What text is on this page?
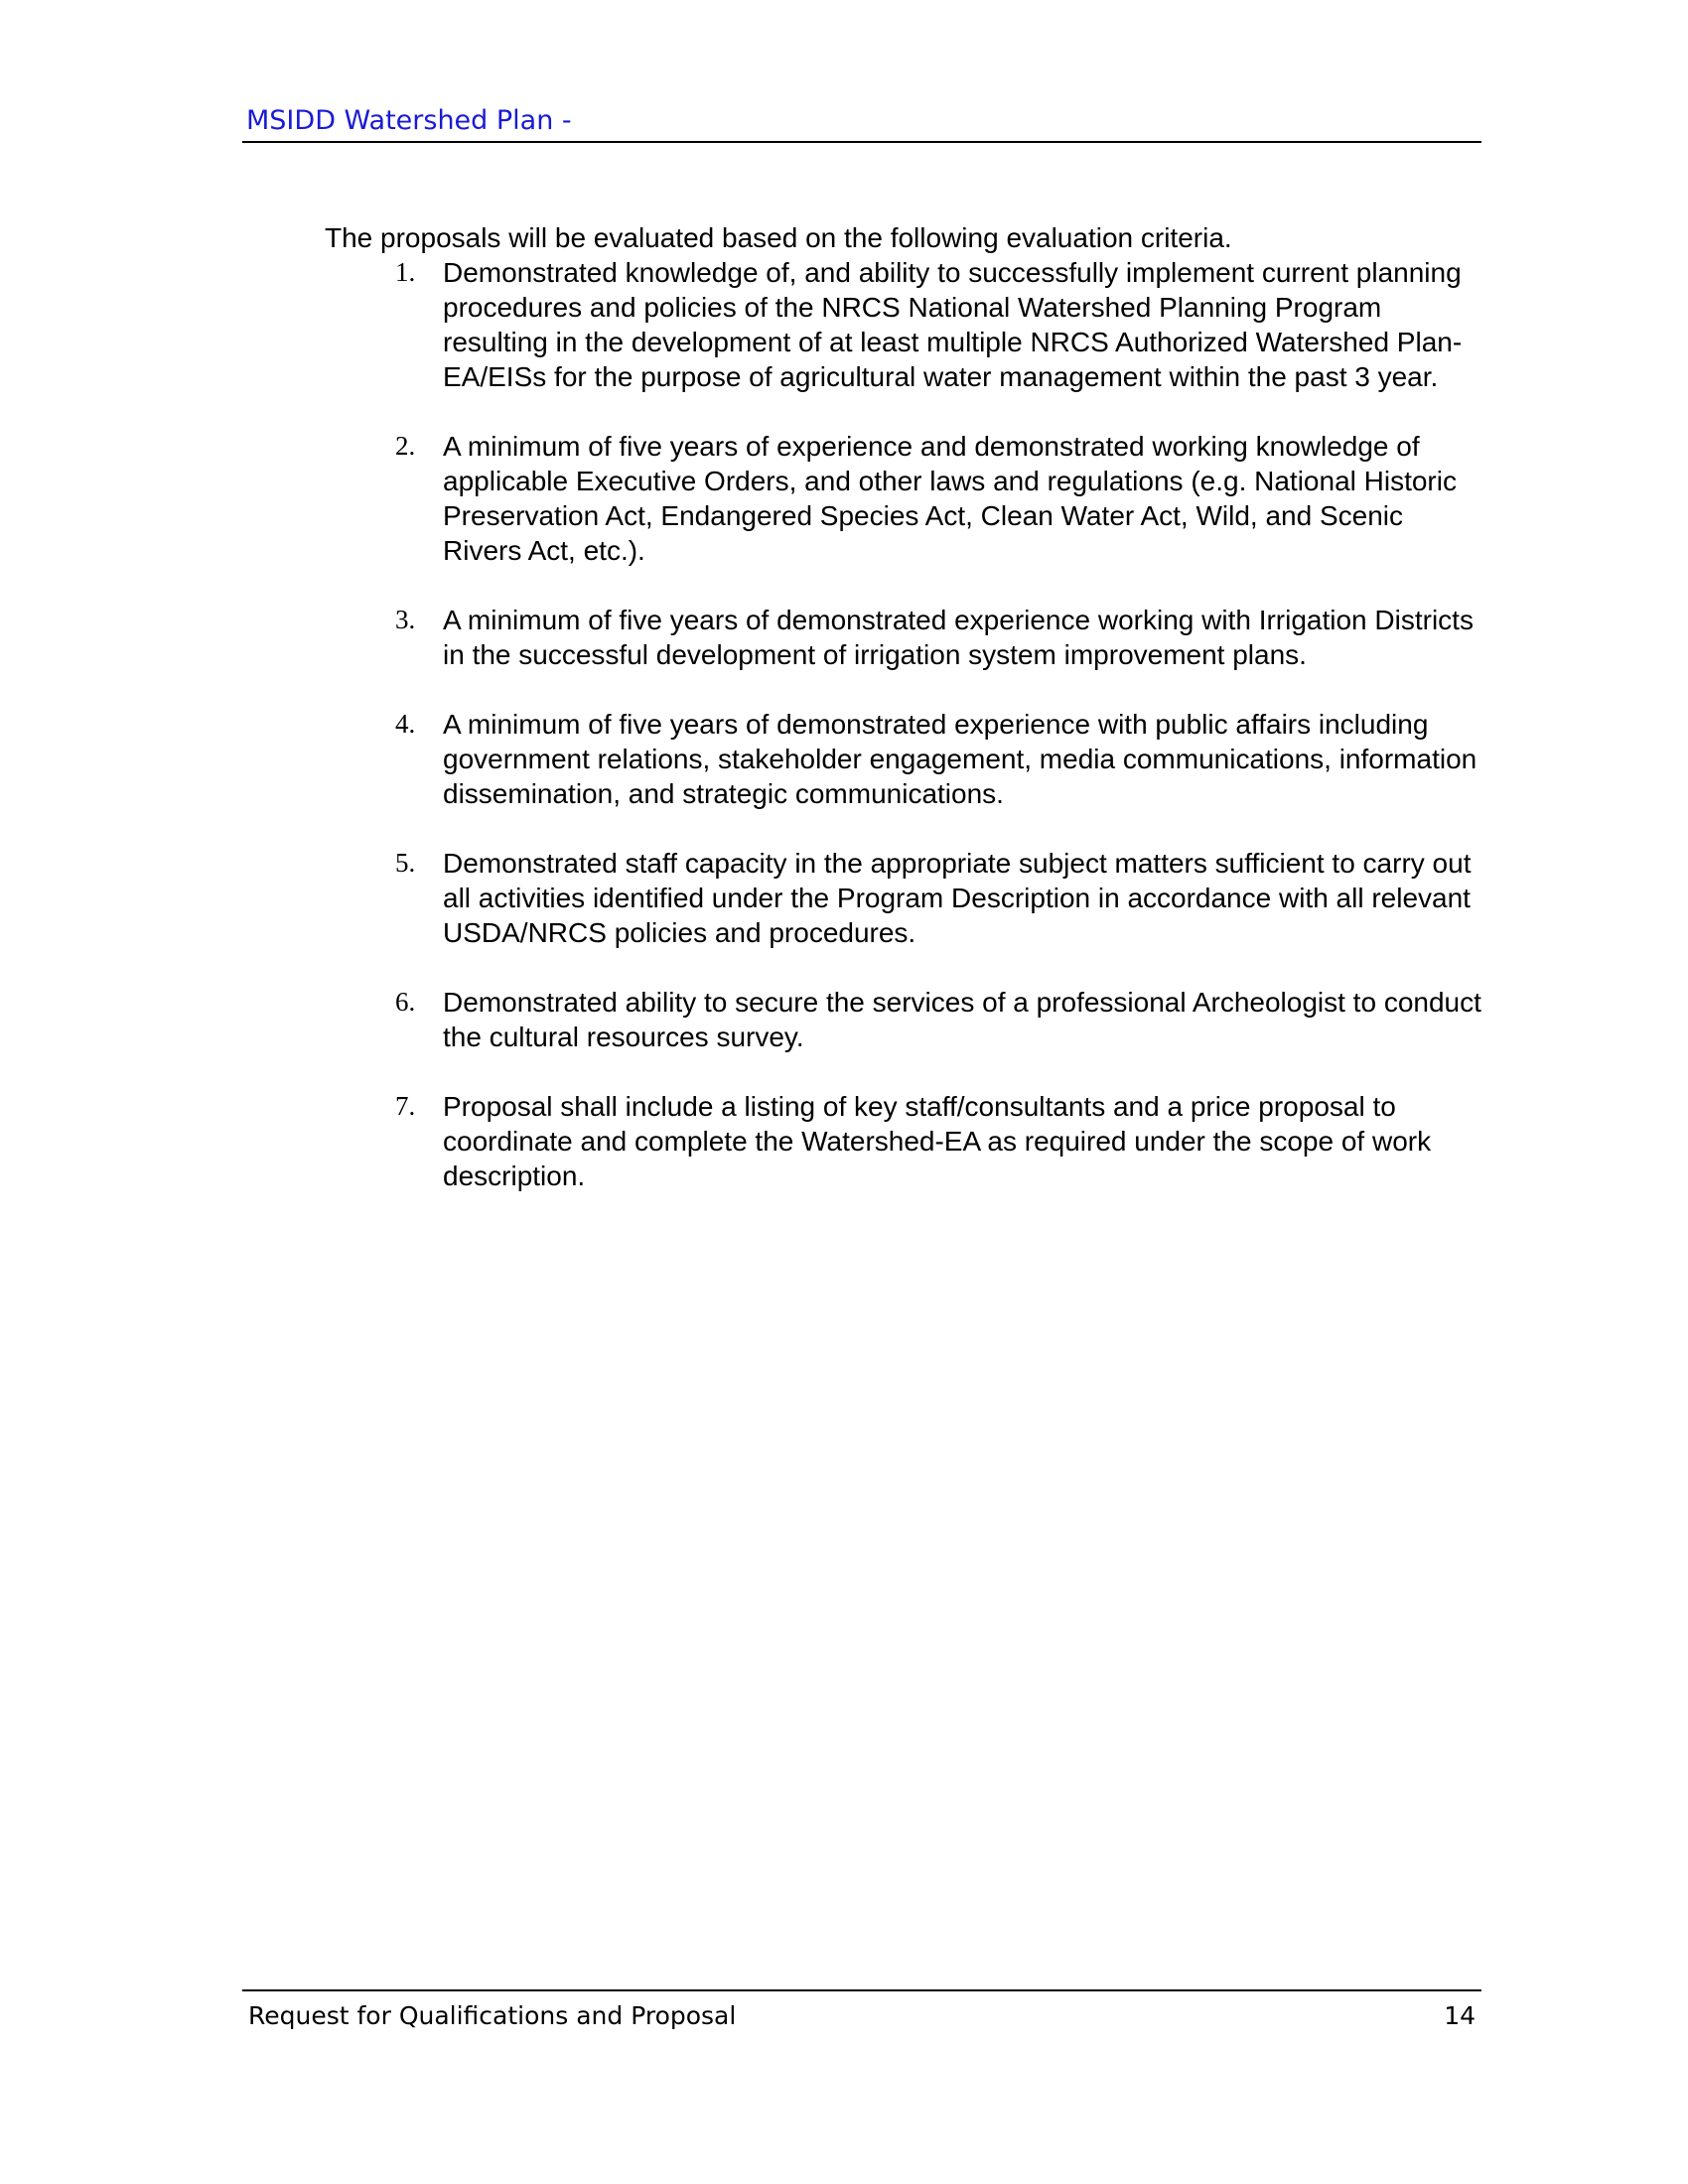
MSIDD Watershed Plan -

The proposals will be evaluated based on the following evaluation criteria.

1. Demonstrated knowledge of, and ability to successfully implement current planning procedures and policies of the NRCS National Watershed Planning Program resulting in the development of at least multiple NRCS Authorized Watershed Plan-EA/EISs for the purpose of agricultural water management within the past 3 year.
2. A minimum of five years of experience and demonstrated working knowledge of applicable Executive Orders, and other laws and regulations (e.g. National Historic Preservation Act, Endangered Species Act, Clean Water Act, Wild, and Scenic Rivers Act, etc.).
3. A minimum of five years of demonstrated experience working with Irrigation Districts in the successful development of irrigation system improvement plans.
4. A minimum of five years of demonstrated experience with public affairs including government relations, stakeholder engagement, media communications, information dissemination, and strategic communications.
5. Demonstrated staff capacity in the appropriate subject matters sufficient to carry out all activities identified under the Program Description in accordance with all relevant USDA/NRCS policies and procedures.
6. Demonstrated ability to secure the services of a professional Archeologist to conduct the cultural resources survey.
7. Proposal shall include a listing of key staff/consultants and a price proposal to coordinate and complete the Watershed-EA as required under the scope of work description.
Request for Qualifications and Proposal	14
